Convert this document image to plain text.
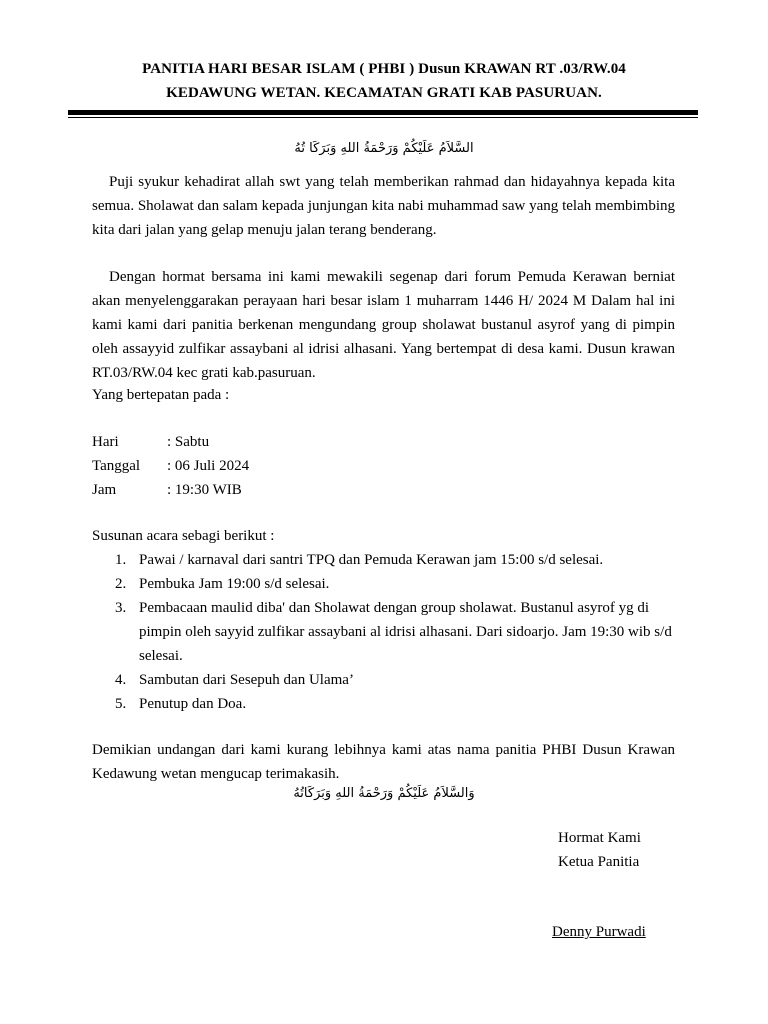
PANITIA HARI BESAR ISLAM ( PHBI ) Dusun KRAWAN RT .03/RW.04
KEDAWUNG WETAN. KECAMATAN GRATI KAB PASURUAN.
السَّلاَمُ عَلَيْكُمْ وَرَحْمَةُ اللهِ وَبَرَكَا تُهُ

Puji syukur kehadirat allah swt yang telah memberikan rahmad dan hidayahnya kepada kita semua. Sholawat dan salam kepada junjungan kita nabi muhammad saw yang telah membimbing kita dari jalan yang gelap menuju jalan terang benderang.

Dengan hormat bersama ini kami mewakili segenap dari forum Pemuda Kerawan berniat akan menyelenggarakan perayaan hari besar islam 1 muharram 1446 H/ 2024 M Dalam hal ini kami kami dari panitia berkenan mengundang group sholawat bustanul asyrof yang di pimpin oleh assayyid zulfikar assaybani al idrisi alhasani. Yang bertempat di desa kami. Dusun krawan RT.03/RW.04 kec grati kab.pasuruan.

Yang bertepatan pada :
Hari	: Sabtu
Tanggal : 06 Juli 2024
Jam	: 19:30 WIB
Susunan acara sebagi berikut :
1. Pawai / karnaval dari santri TPQ dan Pemuda Kerawan jam 15:00 s/d selesai.
2. Pembuka Jam 19:00 s/d selesai.
3. Pembacaan maulid diba' dan Sholawat dengan group sholawat. Bustanul asyrof yg di pimpin oleh sayyid zulfikar assaybani al idrisi alhasani. Dari sidoarjo. Jam 19:30 wib s/d selesai.
4. Sambutan dari Sesepuh dan Ulama’
5. Penutup dan Doa.

Demikian undangan dari kami kurang lebihnya kami atas nama panitia PHBI Dusun Krawan Kedawung wetan mengucap terimakasih.

وَالسَّلاَمُ عَلَيْكُمْ وَرَحْمَةُ اللهِ وَبَرَكَاتُهُ
Hormat Kami
Ketua Panitia
Denny Purwadi
